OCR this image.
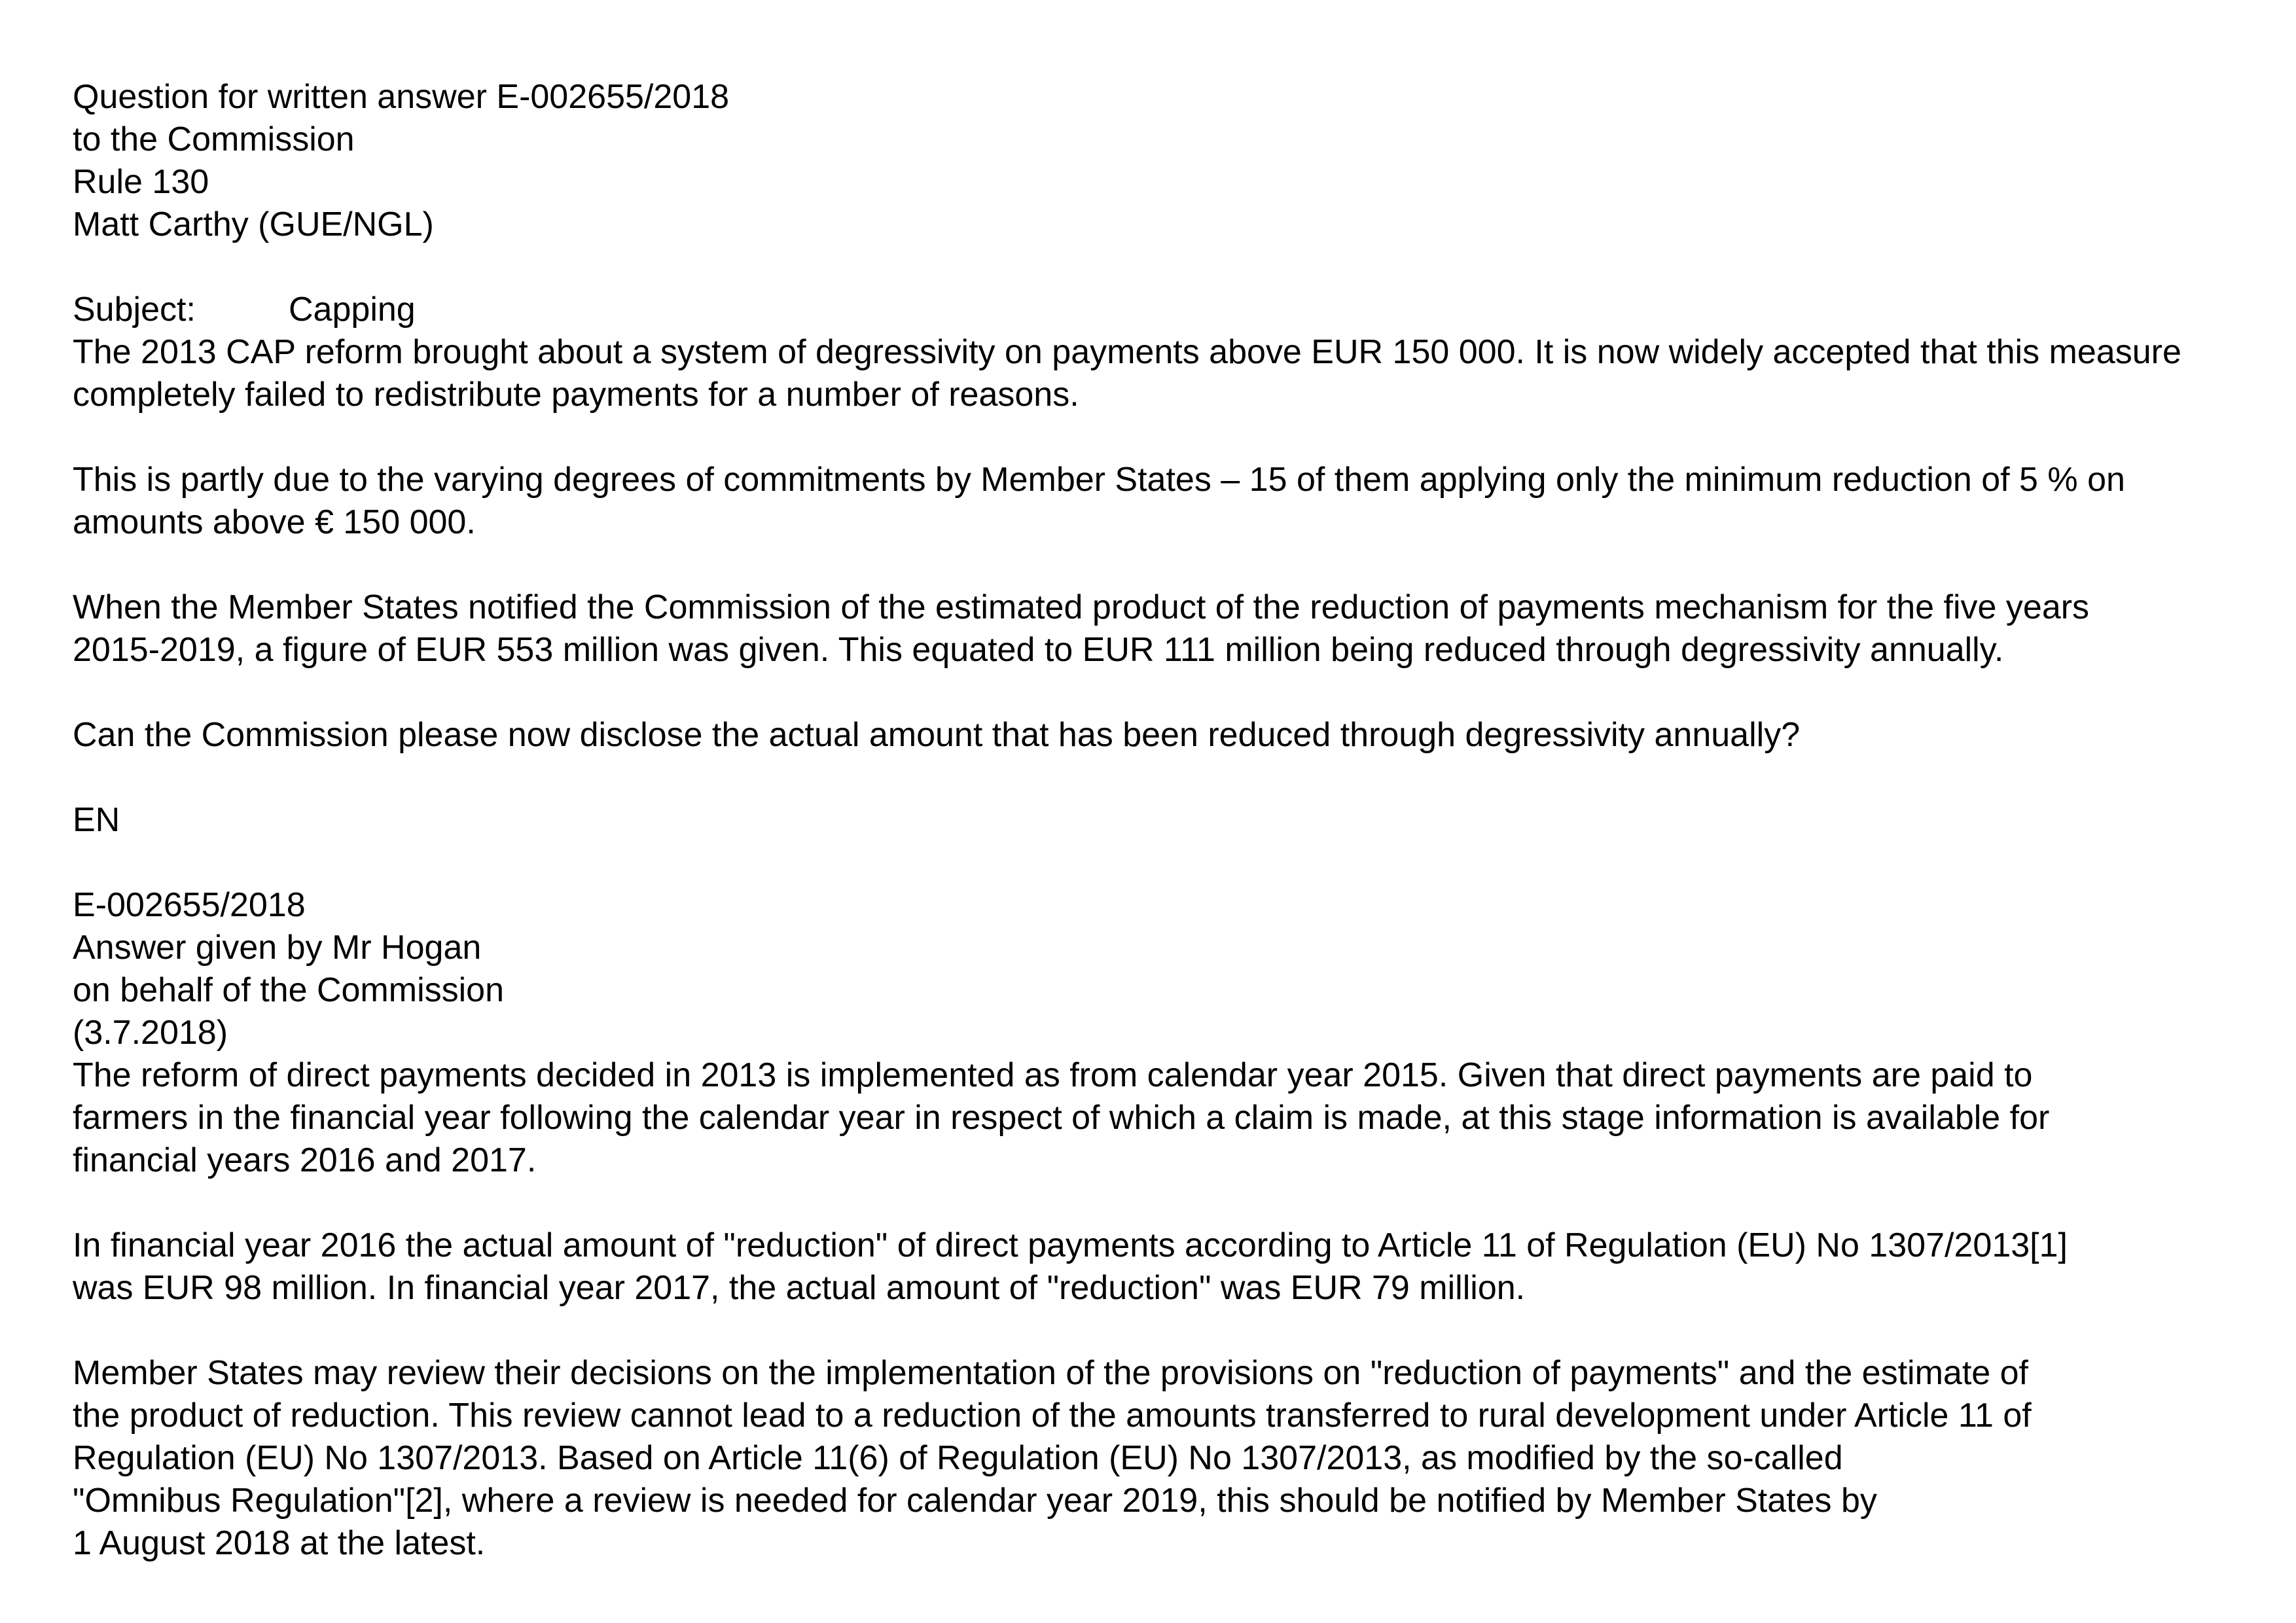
Question for written answer E-002655/2018
to the Commission
Rule 130
Matt Carthy (GUE/NGL)
Subject:	Capping
The 2013 CAP reform brought about a system of degressivity on payments above EUR 150 000. It is now widely accepted that this measure
completely failed to redistribute payments for a number of reasons.
This is partly due to the varying degrees of commitments by Member States – 15 of them applying only the minimum reduction of 5 % on
amounts above € 150 000.
When the Member States notified the Commission of the estimated product of the reduction of payments mechanism for the five years
2015-2019, a figure of EUR 553 million was given. This equated to EUR 111 million being reduced through degressivity annually.
Can the Commission please now disclose the actual amount that has been reduced through degressivity annually?
EN
E-002655/2018
Answer given by Mr Hogan
on behalf of the Commission
(3.7.2018)
The reform of direct payments decided in 2013 is implemented as from calendar year 2015. Given that direct payments are paid to
farmers in the financial year following the calendar year in respect of which a claim is made, at this stage information is available for
financial years 2016 and 2017.
In financial year 2016 the actual amount of "reduction" of direct payments according to Article 11 of Regulation (EU) No 1307/2013[1]
was EUR 98 million. In financial year 2017, the actual amount of "reduction" was EUR 79 million.
Member States may review their decisions on the implementation of the provisions on "reduction of payments" and the estimate of
the product of reduction. This review cannot lead to a reduction of the amounts transferred to rural development under Article 11 of
Regulation (EU) No 1307/2013. Based on Article 11(6) of Regulation (EU) No 1307/2013, as modified by the so-called
"Omnibus Regulation"[2], where a review is needed for calendar year 2019, this should be notified by Member States by
1 August 2018 at the latest.
